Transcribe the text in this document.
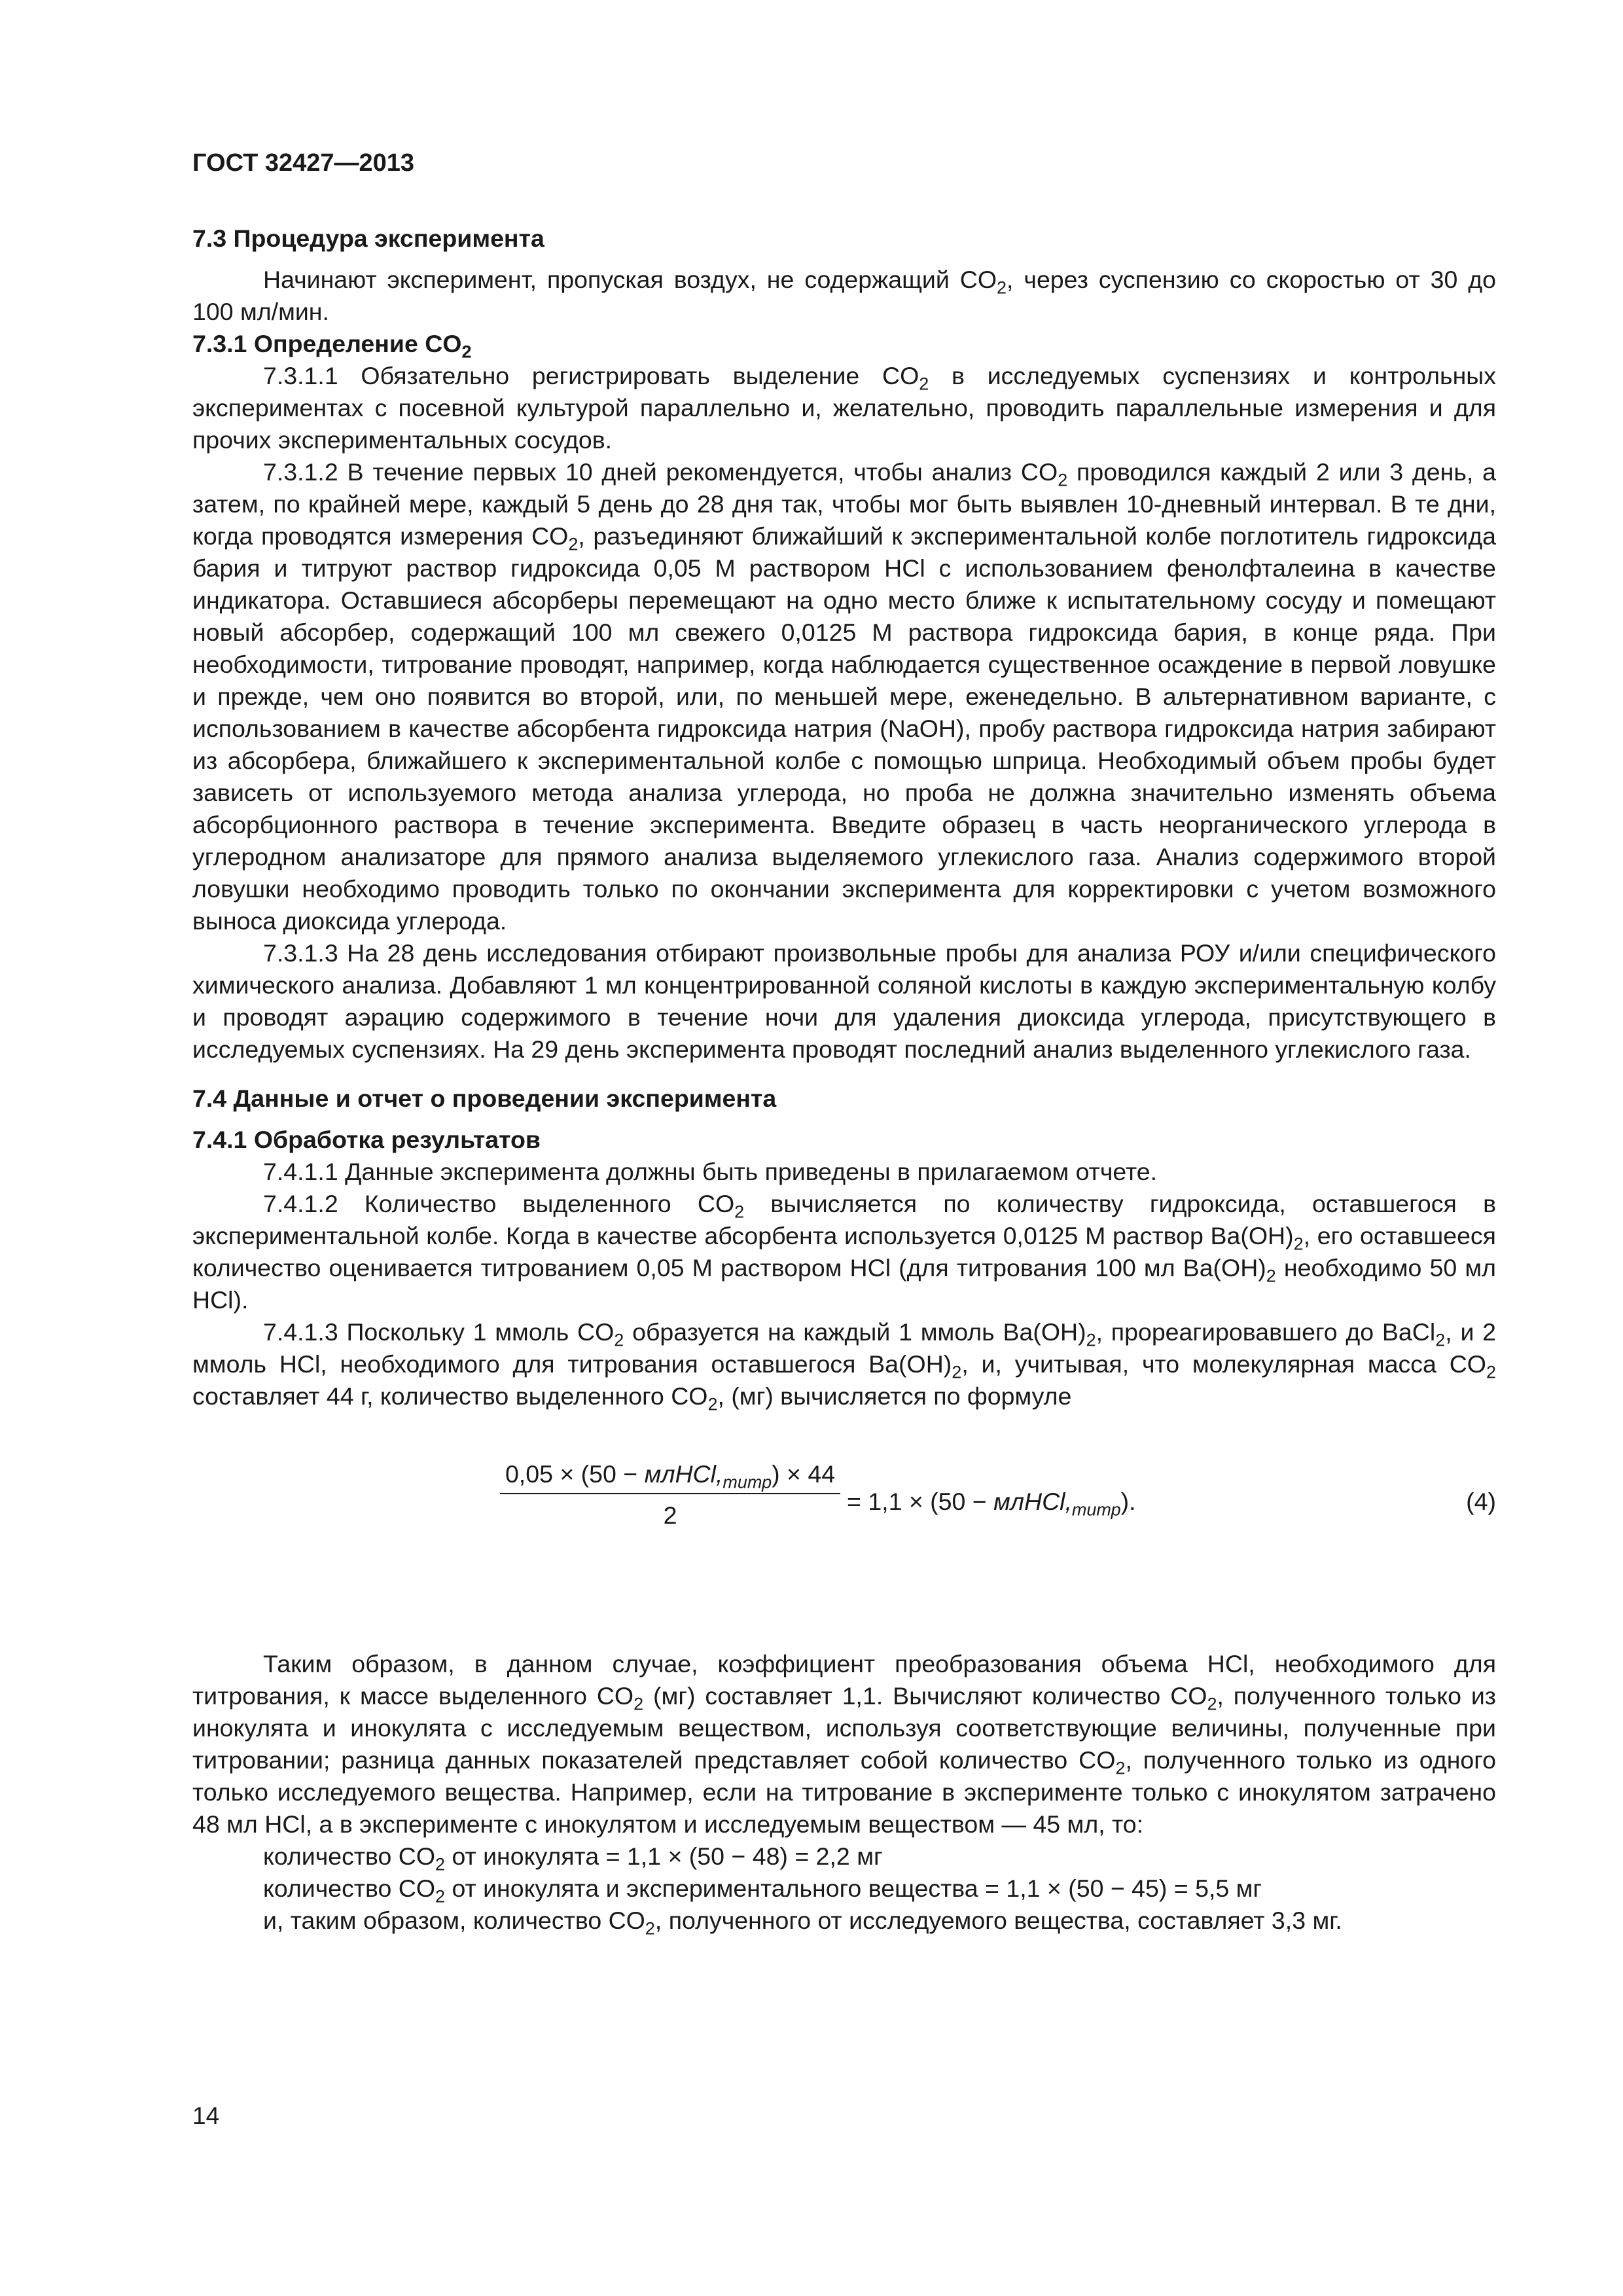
ГОСТ 32427—2013

7.3 Процедура эксперимента

Начинают эксперимент, пропуская воздух, не содержащий $CO_2$, через суспензию со скоростью от 30 до 100 мл/мин.

7.3.1 Определение $CO_2$

7.3.1.1 Обязательно регистрировать выделение $CO_2$ в исследуемых суспензиях и контрольных экспериментах с посевной культурой параллельно и, желательно, проводить параллельные измерения и для прочих экспериментальных сосудов.

7.3.1.2 В течение первых 10 дней рекомендуется, чтобы анализ $CO_2$ проводился каждый 2 или 3 день, а затем, по крайней мере, каждый 5 день до 28 дня так, чтобы мог быть выявлен 10-дневный интервал. В те дни, когда проводятся измерения $CO_2$, разъединяют ближайший к экспериментальной колбе поглотитель гидроксида бария и титруют раствор гидроксида 0,05 М раствором HCl с использованием фенолфталеина в качестве индикатора. Оставшиеся абсорберы перемещают на одно место ближе к испытательному сосуду и помещают новый абсорбер, содержащий 100 мл свежего 0,0125 М раствора гидроксида бария, в конце ряда. При необходимости, титрование проводят, например, когда наблюдается существенное осаждение в первой ловушке и прежде, чем оно появится во второй, или, по меньшей мере, еженедельно. В альтернативном варианте, с использованием в качестве абсорбента гидроксида натрия (NaOH), пробу раствора гидроксида натрия забирают из абсорбера, ближайшего к экспериментальной колбе с помощью шприца. Необходимый объем пробы будет зависеть от используемого метода анализа углерода, но проба не должна значительно изменять объема абсорбционного раствора в течение эксперимента. Введите образец в часть неорганического углерода в углеродном анализаторе для прямого анализа выделяемого углекислого газа. Анализ содержимого второй ловушки необходимо проводить только по окончании эксперимента для корректировки с учетом возможного выноса диоксида углерода.

7.3.1.3 На 28 день исследования отбирают произвольные пробы для анализа РОУ и/или специфического химического анализа. Добавляют 1 мл концентрированной соляной кислоты в каждую экспериментальную колбу и проводят аэрацию содержимого в течение ночи для удаления диоксида углерода, присутствующего в исследуемых суспензиях. На 29 день эксперимента проводят последний анализ выделенного углекислого газа.

7.4 Данные и отчет о проведении эксперимента

7.4.1 Обработка результатов

7.4.1.1 Данные эксперимента должны быть приведены в прилагаемом отчете.

7.4.1.2 Количество выделенного $CO_2$ вычисляется по количеству гидроксида, оставшегося в экспериментальной колбе. Когда в качестве абсорбента используется 0,0125 М раствор $Ba(OH)_2$, его оставшееся количество оценивается титрованием 0,05 М раствором HCl (для титрования 100 мл $Ba(OH)_2$ необходимо 50 мл HCl).

7.4.1.3 Поскольку 1 ммоль $CO_2$ образуется на каждый 1 ммоль $Ba(OH)_2$, прореагировавшего до BaCl$_2$, и 2 ммоль HCl, необходимого для титрования оставшегося $Ba(OH)_2$, и, учитывая, что молекулярная масса $CO_2$ составляет 44 г, количество выделенного $CO_2$, (мг) вычисляется по формуле

$0,05 \times (50 - млHCl,_{титр}) \times 44$
2	= $1,1 \times (50 - млHCl,_{титр})$.	(4)

Таким образом, в данном случае, коэффициент преобразования объема HCl, необходимого для титрования, к массе выделенного $CO_2$ (мг) составляет 1,1. Вычисляют количество $CO_2$, полученного только из инокулята и инокулята с исследуемым веществом, используя соответствующие величины, полученные при титровании; разница данных показателей представляет собой количество $CO_2$, полученного только из одного только исследуемого вещества. Например, если на титрование в эксперименте только с инокулятом затрачено 48 мл HCl, а в эксперименте с инокулятом и исследуемым веществом — 45 мл, то:

количество $CO_2$ от инокулята = 1,1 × (50 − 48) = 2,2 мг

количество $CO_2$ от инокулята и экспериментального вещества = 1,1 × (50 − 45) = 5,5 мг

и, таким образом, количество $CO_2$, полученного от исследуемого вещества, составляет 3,3 мг.

14
